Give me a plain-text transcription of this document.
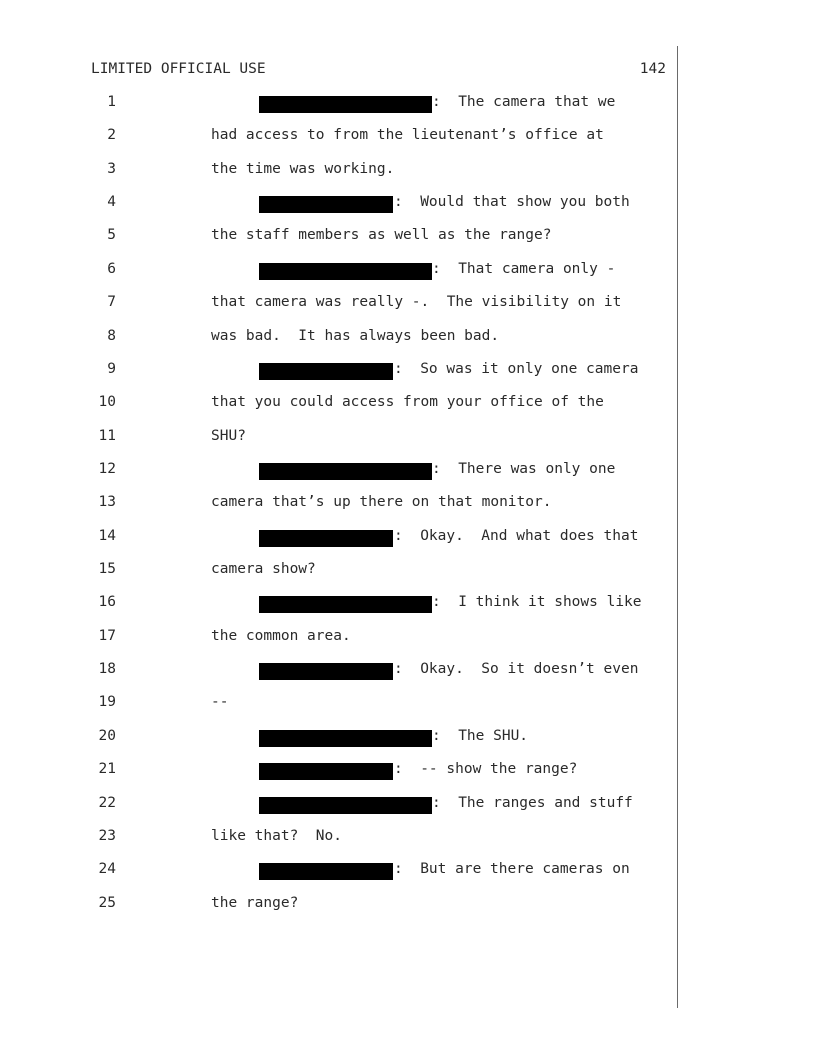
LIMITED OFFICIAL USE	142
1	:  The camera that we
2	had access to from the lieutenant’s office at
3	the time was working.
4	:  Would that show you both
5	the staff members as well as the range?
6	:  That camera only -
7	that camera was really -.  The visibility on it
8	was bad.  It has always been bad.
9	:  So was it only one camera
10	that you could access from your office of the
11	SHU?
12	:  There was only one
13	camera that’s up there on that monitor.
14	:  Okay.  And what does that
15	camera show?
16	:  I think it shows like
17	the common area.
18	:  Okay.  So it doesn’t even
19	--
20	:  The SHU.
21	:  -- show the range?
22	:  The ranges and stuff
23	like that?  No.
24	:  But are there cameras on
25	the range?
